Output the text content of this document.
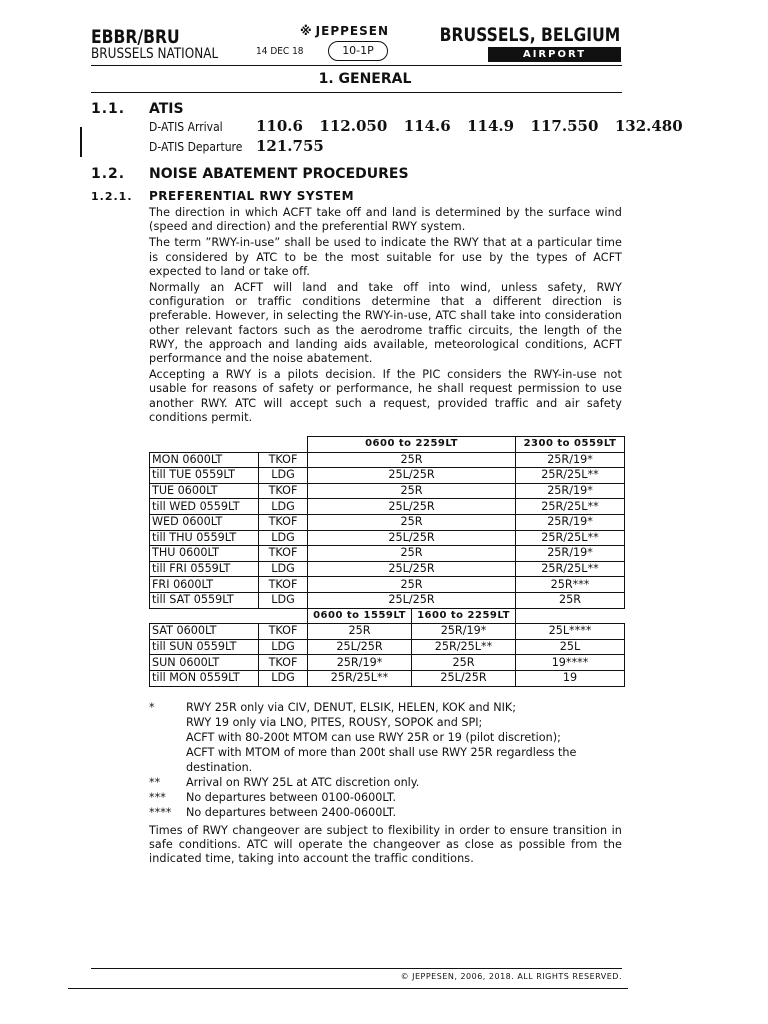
EBBR/BRU
BRUSSELS NATIONAL
※ JEPPESEN
14 DEC 18	10-1P
BRUSSELS, BELGIUM
AIRPORT BRIEFING
1. GENERAL
1.1. ATIS
D-ATIS Arrival 110.6  112.050  114.6  114.9  117.550  132.480
D-ATIS Departure 121.755
1.2. NOISE ABATEMENT PROCEDURES
1.2.1. PREFERENTIAL RWY SYSTEM

The direction in which ACFT take off and land is determined by the surface wind (speed and direction) and the preferential RWY system.

The term ”RWY-in-use” shall be used to indicate the RWY that at a particular time is considered by ATC to be the most suitable for use by the types of ACFT expected to land or take off.

Normally an ACFT will land and take off into wind, unless safety, RWY configuration or traffic conditions determine that a different direction is preferable. However, in selecting the RWY-in-use, ATC shall take into consideration other relevant factors such as the aerodrome traffic circuits, the length of the RWY, the approach and landing aids available, meteorological conditions, ACFT performance and the noise abatement.

Accepting a RWY is a pilots decision. If the PIC considers the RWY-in-use not usable for reasons of safety or performance, he shall request permission to use another RWY. ATC will accept such a request, provided traffic and air safety conditions permit.

		0600 to 2259LT		2300 to 0559LT
MON 0600LT	TKOF	25R		25R/19*
till TUE 0559LT	LDG	25L/25R		25R/25L**
TUE 0600LT	TKOF	25R		25R/19*
till WED 0559LT	LDG	25L/25R		25R/25L**
WED 0600LT	TKOF	25R		25R/19*
till THU 0559LT	LDG	25L/25R		25R/25L**
THU 0600LT	TKOF	25R		25R/19*
till FRI 0559LT	LDG	25L/25R		25R/25L**
FRI 0600LT	TKOF	25R		25R***
till SAT 0559LT	LDG	25L/25R		25R
		0600 to 1559LT	1600 to 2259LT	
SAT 0600LT	TKOF	25R	25R/19*	25L****
till SUN 0559LT	LDG	25L/25R	25R/25L**	25L
SUN 0600LT	TKOF	25R/19*	25R	19****
till MON 0559LT	LDG	25R/25L**	25L/25R	19
*	RWY 25R only via CIV, DENUT, ELSIK, HELEN, KOK and NIK;
RWY 19 only via LNO, PITES, ROUSY, SOPOK and SPI;
ACFT with 80-200t MTOM can use RWY 25R or 19 (pilot discretion);
ACFT with MTOM of more than 200t shall use RWY 25R regardless the destination.
**	Arrival on RWY 25L at ATC discretion only.
***	No departures between 0100-0600LT.
****	No departures between 2400-0600LT.
Times of RWY changeover are subject to flexibility in order to ensure transition in safe conditions. ATC will operate the changeover as close as possible from the indicated time, taking into account the traffic conditions.
© JEPPESEN, 2006, 2018. ALL RIGHTS RESERVED.
